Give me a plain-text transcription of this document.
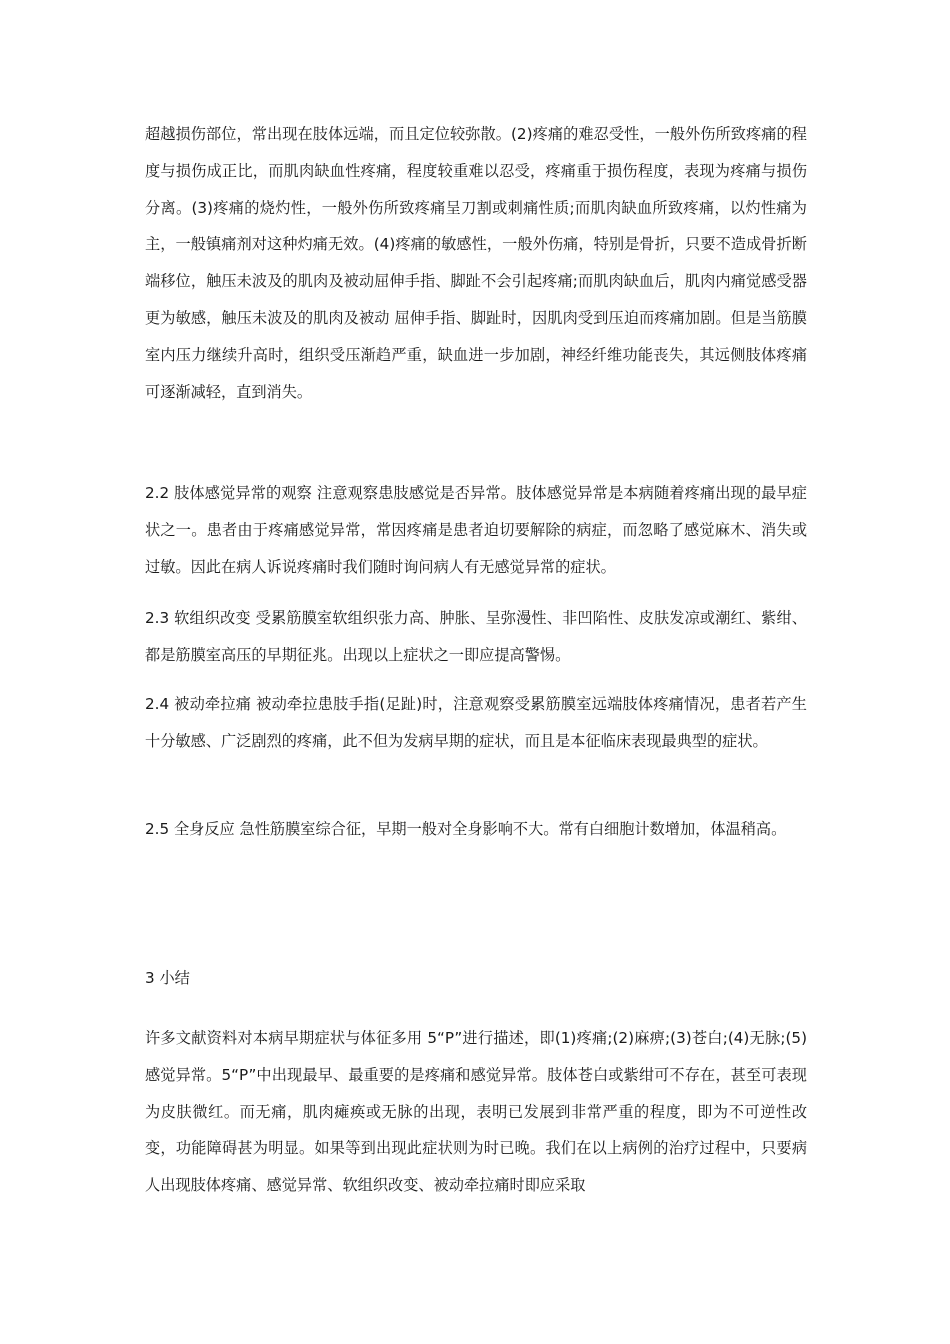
超越损伤部位，常出现在肢体远端，而且定位较弥散。(2)疼痛的难忍受性，一般外伤所致疼痛的程度与损伤成正比，而肌肉缺血性疼痛，程度较重难以忍受，疼痛重于损伤程度，表现为疼痛与损伤分离。(3)疼痛的烧灼性，一般外伤所致疼痛呈刀割或刺痛性质;而肌肉缺血所致疼痛，以灼性痛为主，一般镇痛剂对这种灼痛无效。(4)疼痛的敏感性，一般外伤痛，特别是骨折，只要不造成骨折断端移位，触压未波及的肌肉及被动屈伸手指、脚趾不会引起疼痛;而肌肉缺血后，肌肉内痛觉感受器更为敏感，触压未波及的肌肉及被动 屈伸手指、脚趾时，因肌肉受到压迫而疼痛加剧。但是当筋膜室内压力继续升高时，组织受压渐趋严重，缺血进一步加剧，神经纤维功能丧失，其远侧肢体疼痛可逐渐减轻，直到消失。

2.2 肢体感觉异常的观察 注意观察患肢感觉是否异常。肢体感觉异常是本病随着疼痛出现的最早症状之一。患者由于疼痛感觉异常，常因疼痛是患者迫切要解除的病症，而忽略了感觉麻木、消失或过敏。因此在病人诉说疼痛时我们随时询问病人有无感觉异常的症状。

2.3 软组织改变 受累筋膜室软组织张力高、肿胀、呈弥漫性、非凹陷性、皮肤发凉或潮红、紫绀、都是筋膜室高压的早期征兆。出现以上症状之一即应提高警惕。

2.4 被动牵拉痛 被动牵拉患肢手指(足趾)时，注意观察受累筋膜室远端肢体疼痛情况，患者若产生十分敏感、广泛剧烈的疼痛，此不但为发病早期的症状，而且是本征临床表现最典型的症状。

2.5 全身反应 急性筋膜室综合征，早期一般对全身影响不大。常有白细胞计数增加，体温稍高。

3 小结

许多文献资料对本病早期症状与体征多用 5“P”进行描述，即(1)疼痛;(2)麻痹;(3)苍白;(4)无脉;(5)感觉异常。5“P”中出现最早、最重要的是疼痛和感觉异常。肢体苍白或紫绀可不存在，甚至可表现为皮肤微红。而无痛，肌肉瘫痪或无脉的出现，表明已发展到非常严重的程度，即为不可逆性改变，功能障碍甚为明显。如果等到出现此症状则为时已晚。我们在以上病例的治疗过程中，只要病人出现肢体疼痛、感觉异常、软组织改变、被动牵拉痛时即应采取
